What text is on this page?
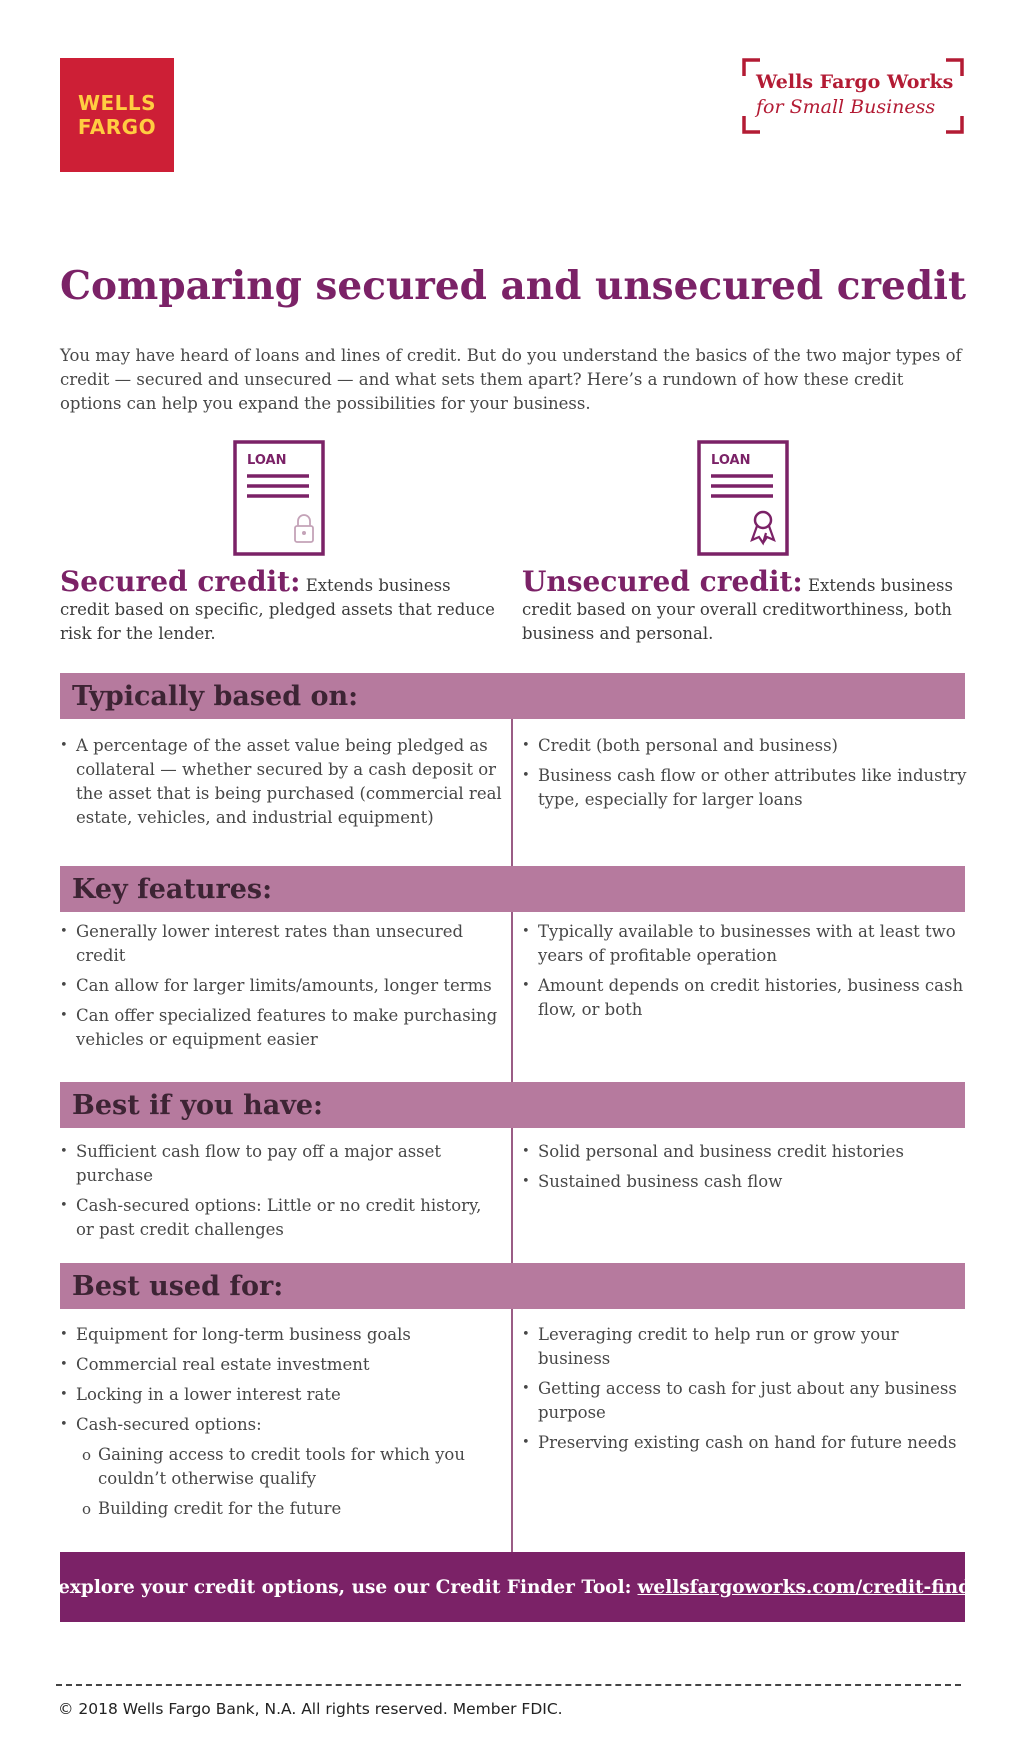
WELLS
FARGO
Wells Fargo Works
for Small Business
Comparing secured and unsecured credit

You may have heard of loans and lines of credit. But do you understand the basics of the two major types of credit — secured and unsecured — and what sets them apart? Here’s a rundown of how these credit options can help you expand the possibilities for your business.

LOAN	LOAN
Secured credit: Extends business credit based on specific, pledged assets that reduce risk for the lender.
Unsecured credit: Extends business credit based on your overall creditworthiness, both business and personal.
Typically based on:
• A percentage of the asset value being pledged as collateral — whether secured by a cash deposit or the asset that is being purchased (commercial real estate, vehicles, and industrial equipment)
• Credit (both personal and business)
• Business cash flow or other attributes like industry type, especially for larger loans
Key features:
• Generally lower interest rates than unsecured credit
• Can allow for larger limits/amounts, longer terms
• Can offer specialized features to make purchasing vehicles or equipment easier
• Typically available to businesses with at least two years of profitable operation
• Amount depends on credit histories, business cash flow, or both
Best if you have:
• Sufficient cash flow to pay off a major asset purchase
• Cash-secured options: Little or no credit history, or past credit challenges
• Solid personal and business credit histories
• Sustained business cash flow
Best used for:
• Equipment for long-term business goals
• Commercial real estate investment
• Locking in a lower interest rate
• Cash-secured options:
o Gaining access to credit tools for which you couldn’t otherwise qualify
o Building credit for the future
• Leveraging credit to help run or grow your business
• Getting access to cash for just about any business purpose
• Preserving existing cash on hand for future needs
To explore your credit options, use our Credit Finder Tool: wellsfargoworks.com/credit-finder.
© 2018 Wells Fargo Bank, N.A. All rights reserved. Member FDIC.
